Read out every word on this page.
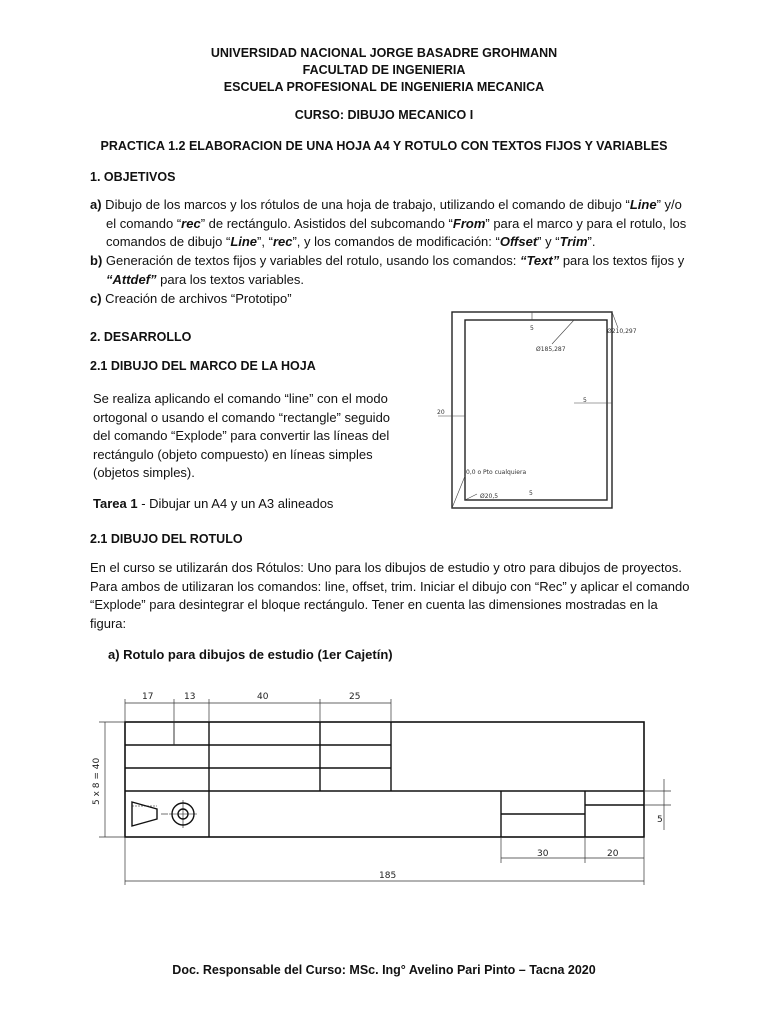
UNIVERSIDAD NACIONAL JORGE BASADRE GROHMANN
FACULTAD DE INGENIERIA
ESCUELA PROFESIONAL DE INGENIERIA MECANICA
CURSO: DIBUJO MECANICO I
PRACTICA 1.2 ELABORACION DE UNA HOJA A4 Y ROTULO CON TEXTOS FIJOS Y VARIABLES
1. OBJETIVOS
a) Dibujo de los marcos y los rótulos de una hoja de trabajo, utilizando el comando de dibujo “Line” y/o
el comando “rec” de rectángulo. Asistidos del subcomando “From” para el marco y para el rotulo, los
comandos de dibujo “Line”, “rec”, y los comandos de modificación: “Offset” y “Trim”.
b) Generación de textos fijos y variables del rotulo, usando los comandos: “Text” para los textos fijos y
“Attdef” para los textos variables.
c) Creación de archivos “Prototipo”
2. DESARROLLO
2.1 DIBUJO DEL MARCO DE LA HOJA
Se realiza aplicando el comando “line” con el modo
ortogonal o usando el comando “rectangle” seguido
del comando “Explode” para convertir las líneas del
rectángulo (objeto compuesto) en líneas simples
(objetos simples).
Tarea 1 - Dibujar un A4 y un A3 alineados
5
5
5
20
Ø210,297
Ø185,287
0,0 o Pto cualquiera
Ø20,5
2.1 DIBUJO DEL ROTULO
En el curso se utilizarán dos Rótulos: Uno para los dibujos de estudio y otro para dibujos de proyectos.
Para ambos de utilizaran los comandos: line, offset, trim. Iniciar el dibujo con “Rec” y aplicar el comando
“Explode” para desintegrar el bloque rectángulo. Tener en cuenta las dimensiones mostradas en la
figura:
a) Rotulo para dibujos de estudio (1er Cajetín)
17	13	40	25
5 x 8 = 40
5
30	20
185
Doc. Responsable del Curso: MSc. Ing° Avelino Pari Pinto – Tacna 2020
